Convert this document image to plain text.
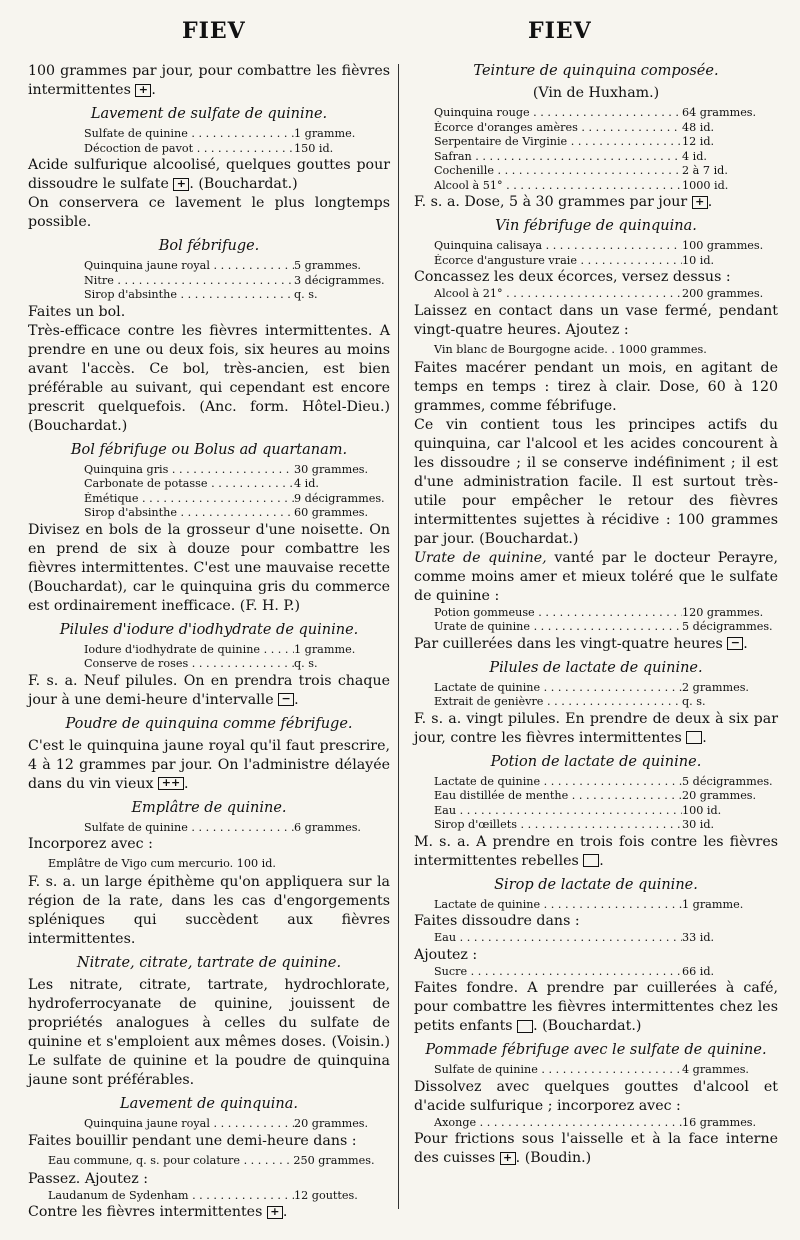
FIEV	FIEV

100 grammes par jour, pour combattre les fièvres intermittentes + .

Lavement de sulfate de quinine.
Sulfate de quinine . . .	1 gramme.
Décoction de pavot . . .	150 id.

Acide sulfurique alcoolisé, quelques gouttes pour dissoudre le sulfate + . (Bouchardat.)

On conservera ce lavement le plus longtemps possible.

Bol fébrifuge.
Quinquina jaune royal . . .	5 grammes.
Nitre . . .	3 décigrammes.
Sirop d'absinthe . . .	q. s.

Faites un bol.

Très-efficace contre les fièvres intermittentes. A prendre en une ou deux fois, six heures au moins avant l'accès. Ce bol, très-ancien, est bien préférable au suivant, qui cependant est encore prescrit quelquefois. (Anc. form. Hôtel-Dieu.) (Bouchardat.)

Bol fébrifuge ou Bolus ad quartanam.
Quinquina gris . . .	30 grammes.
Carbonate de potasse . . .	4 id.
Émétique . . .	9 décigrammes.
Sirop d'absinthe . . .	60 grammes.

Divisez en bols de la grosseur d'une noisette. On en prend de six à douze pour combattre les fièvres intermittentes. C'est une mauvaise recette (Bouchardat), car le quinquina gris du commerce est ordinairement inefficace. (F. H. P.)

Pilules d'iodure d'iodhydrate de quinine.
Iodure d'iodhydrate de quinine . . .	1 gramme.
Conserve de roses . . .	q. s.

F. s. a. Neuf pilules. On en prendra trois chaque jour à une demi-heure d'intervalle − .

Poudre de quinquina comme fébrifuge.

C'est le quinquina jaune royal qu'il faut prescrire, 4 à 12 grammes par jour. On l'administre délayée dans du vin vieux ++ .

Emplâtre de quinine.
Sulfate de quinine . . .	6 grammes.

Incorporez avec :

Emplâtre de Vigo cum mercurio. 100 id.

F. s. a. un large épithème qu'on appliquera sur la région de la rate, dans les cas d'engorgements spléniques qui succèdent aux fièvres intermittentes.

Nitrate, citrate, tartrate de quinine.

Les nitrate, citrate, tartrate, hydrochlorate, hydroferrocyanate de quinine, jouissent de propriétés analogues à celles du sulfate de quinine et s'emploient aux mêmes doses. (Voisin.) Le sulfate de quinine et la poudre de quinquina jaune sont préférables.

Lavement de quinquina.
Quinquina jaune royal . . .	20 grammes.

Faites bouillir pendant une demi-heure dans :

Eau commune, q. s. pour colature . . . . . . . 250 grammes.

Passez. Ajoutez :

Laudanum de Sydenham . . .	12 gouttes.

Contre les fièvres intermittentes + .

Teinture de quinquina composée.
(Vin de Huxham.)
Quinquina rouge . . .	64 grammes.
Écorce d'oranges amères . . .	48 id.
Serpentaire de Virginie . . .	12 id.
Safran . . .	4 id.
Cochenille . . .	2 à 7 id.
Alcool à 51° . . .	1000 id.

F. s. a. Dose, 5 à 30 grammes par jour + .

Vin fébrifuge de quinquina.
Quinquina calisaya . . .	100 grammes.
Écorce d'angusture vraie . . .	10 id.

Concassez les deux écorces, versez dessus :

Alcool à 21° . . .	200 grammes.

Laissez en contact dans un vase fermé, pendant vingt-quatre heures. Ajoutez :

Vin blanc de Bourgogne acide. . 1000 grammes.

Faites macérer pendant un mois, en agitant de temps en temps : tirez à clair. Dose, 60 à 120 grammes, comme fébrifuge.

Ce vin contient tous les principes actifs du quinquina, car l'alcool et les acides concourent à les dissoudre ; il se conserve indéfiniment ; il est d'une administration facile. Il est surtout très-utile pour empêcher le retour des fièvres intermittentes sujettes à récidive : 100 grammes par jour. (Bouchardat.)

Urate de quinine, vanté par le docteur Perayre, comme moins amer et mieux toléré que le sulfate de quinine :

Potion gommeuse . . .	120 grammes.
Urate de quinine . . .	5 décigrammes.

Par cuillerées dans les vingt-quatre heures − .

Pilules de lactate de quinine.
Lactate de quinine . . .	2 grammes.
Extrait de genièvre . . .	q. s.

F. s. a. vingt pilules. En prendre de deux à six par jour, contre les fièvres intermittentes .

Potion de lactate de quinine.
Lactate de quinine . . .	5 décigrammes.
Eau distillée de menthe . . .	20 grammes.
Eau . . .	100 id.
Sirop d'œillets . . .	30 id.

M. s. a. A prendre en trois fois contre les fièvres intermittentes rebelles .

Sirop de lactate de quinine.
Lactate de quinine . . .	1 gramme.

Faites dissoudre dans :

Eau . . .	33 id.

Ajoutez :

Sucre . . .	66 id.

Faites fondre. A prendre par cuillerées à café, pour combattre les fièvres intermittentes chez les petits enfants . (Bouchardat.)

Pommade fébrifuge avec le sulfate de quinine.
Sulfate de quinine . . .	4 grammes.

Dissolvez avec quelques gouttes d'alcool et d'acide sulfurique ; incorporez avec :

Axonge . . .	16 grammes.

Pour frictions sous l'aisselle et à la face interne des cuisses + . (Boudin.)
